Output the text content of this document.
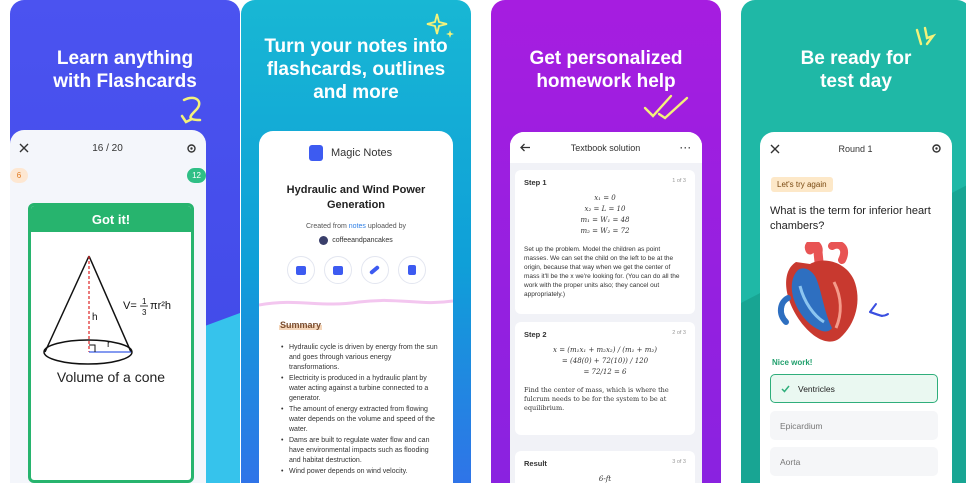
Learn anything
with Flashcards
16 / 20
6	12
Got it!
h
r
V= 1
3
πr²h
Volume of a cone
Turn your notes into
flashcards, outlines
and more
Magic Notes
Hydraulic and Wind Power Generation
Created from notes uploaded by
coffeeandpancakes
Summary
• Hydraulic cycle is driven by energy from the sun and goes through various energy transformations.
• Electricity is produced in a hydraulic plant by water acting against a turbine connected to a generator.
• The amount of energy extracted from flowing water depends on the volume and speed of the water.
• Dams are built to regulate water flow and can have environmental impacts such as flooding and habitat destruction.
• Wind power depends on wind velocity.
Get personalized
homework help
Textbook solution	···
Step 1	1 of 3
x₁ = 0
x₂ = L = 10
m₁ = W₁ = 48
m₂ = W₂ = 72
Set up the problem. Model the children as point masses. We can set the child on the left to be at the origin, because that way when we get the center of mass it'll be the x we're looking for. (You can do all the work with the proper units also; they cancel out appropriately.)
Step 2	2 of 3
x = (m₁x₁ + m₂x₂) / (m₁ + m₂)
= (48(0) + 72(10)) / 120
= 72/12 = 6
Find the center of mass, which is where the fulcrum needs to be for the system to be at equilibrium.
Result	3 of 3
6-ft
Be ready for
test day
Round 1
Let's try again
What is the term for inferior heart chambers?
Nice work!
Ventricles
Epicardium
Aorta
